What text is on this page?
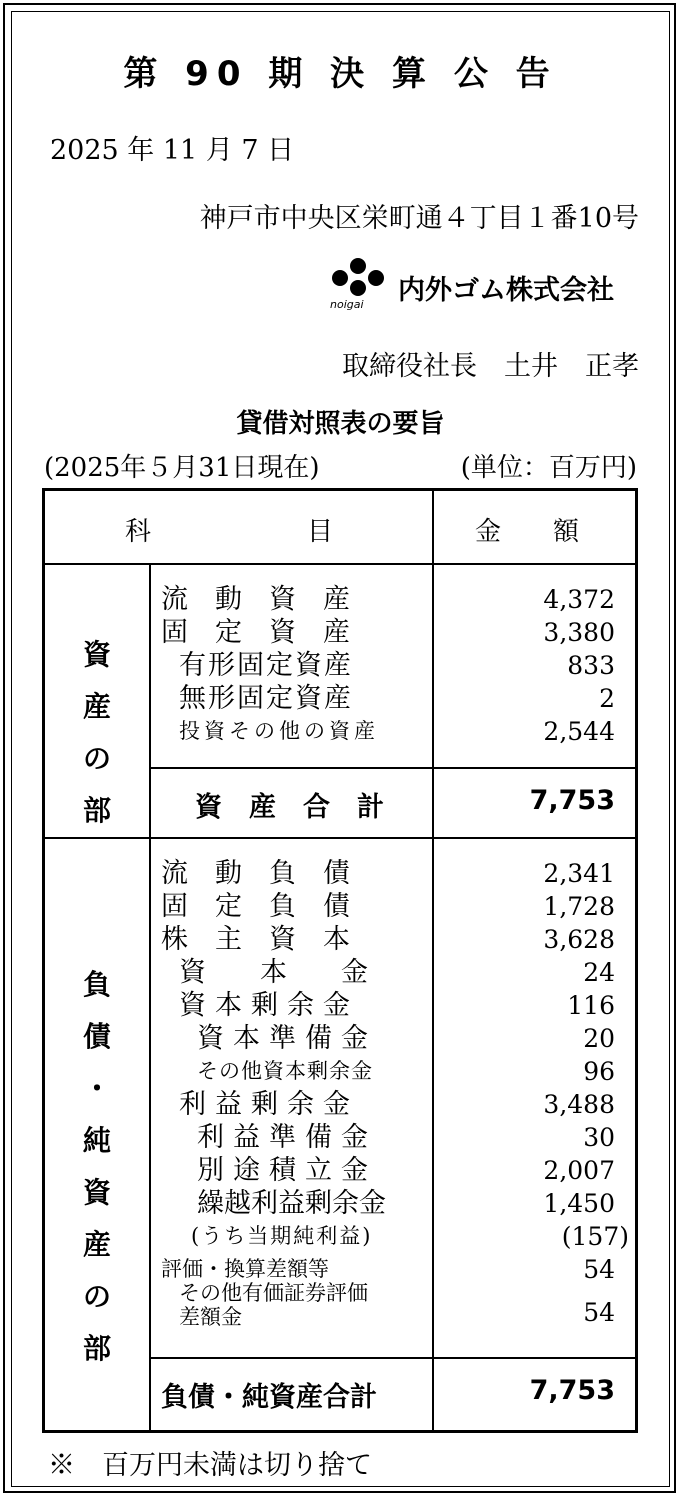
第 90 期 決 算 公 告
2025 年 11 月 7 日
神戸市中央区栄町通４丁目１番10号
noigai 内外ゴム株式会社
取締役社長　土井　正孝
貸借対照表の要旨
(2025年５月31日現在)	(単位：百万円)
科　　　　　　目	金　　額
資
産
の
部
流　動　資　産	4,372
固　定　資　産	3,380
有形固定資産	833
無形固定資産	2
投資その他の資産	2,544
資　産　合　計	7,753
負
債
・
純
資
産
の
部
流　動　負　債	2,341
固　定　負　債	1,728
株　主　資　本	3,628
資　　本　　金	24
資本剰余金	116
資本準備金	20
その他資本剰余金	96
利益剰余金	3,488
利益準備金	30
別途積立金	2,007
繰越利益剰余金	1,450
(うち当期純利益)	(157)
評価・換算差額等	54
その他有価証券評価
差額金	54
負債・純資産合計	7,753
※　百万円未満は切り捨て
